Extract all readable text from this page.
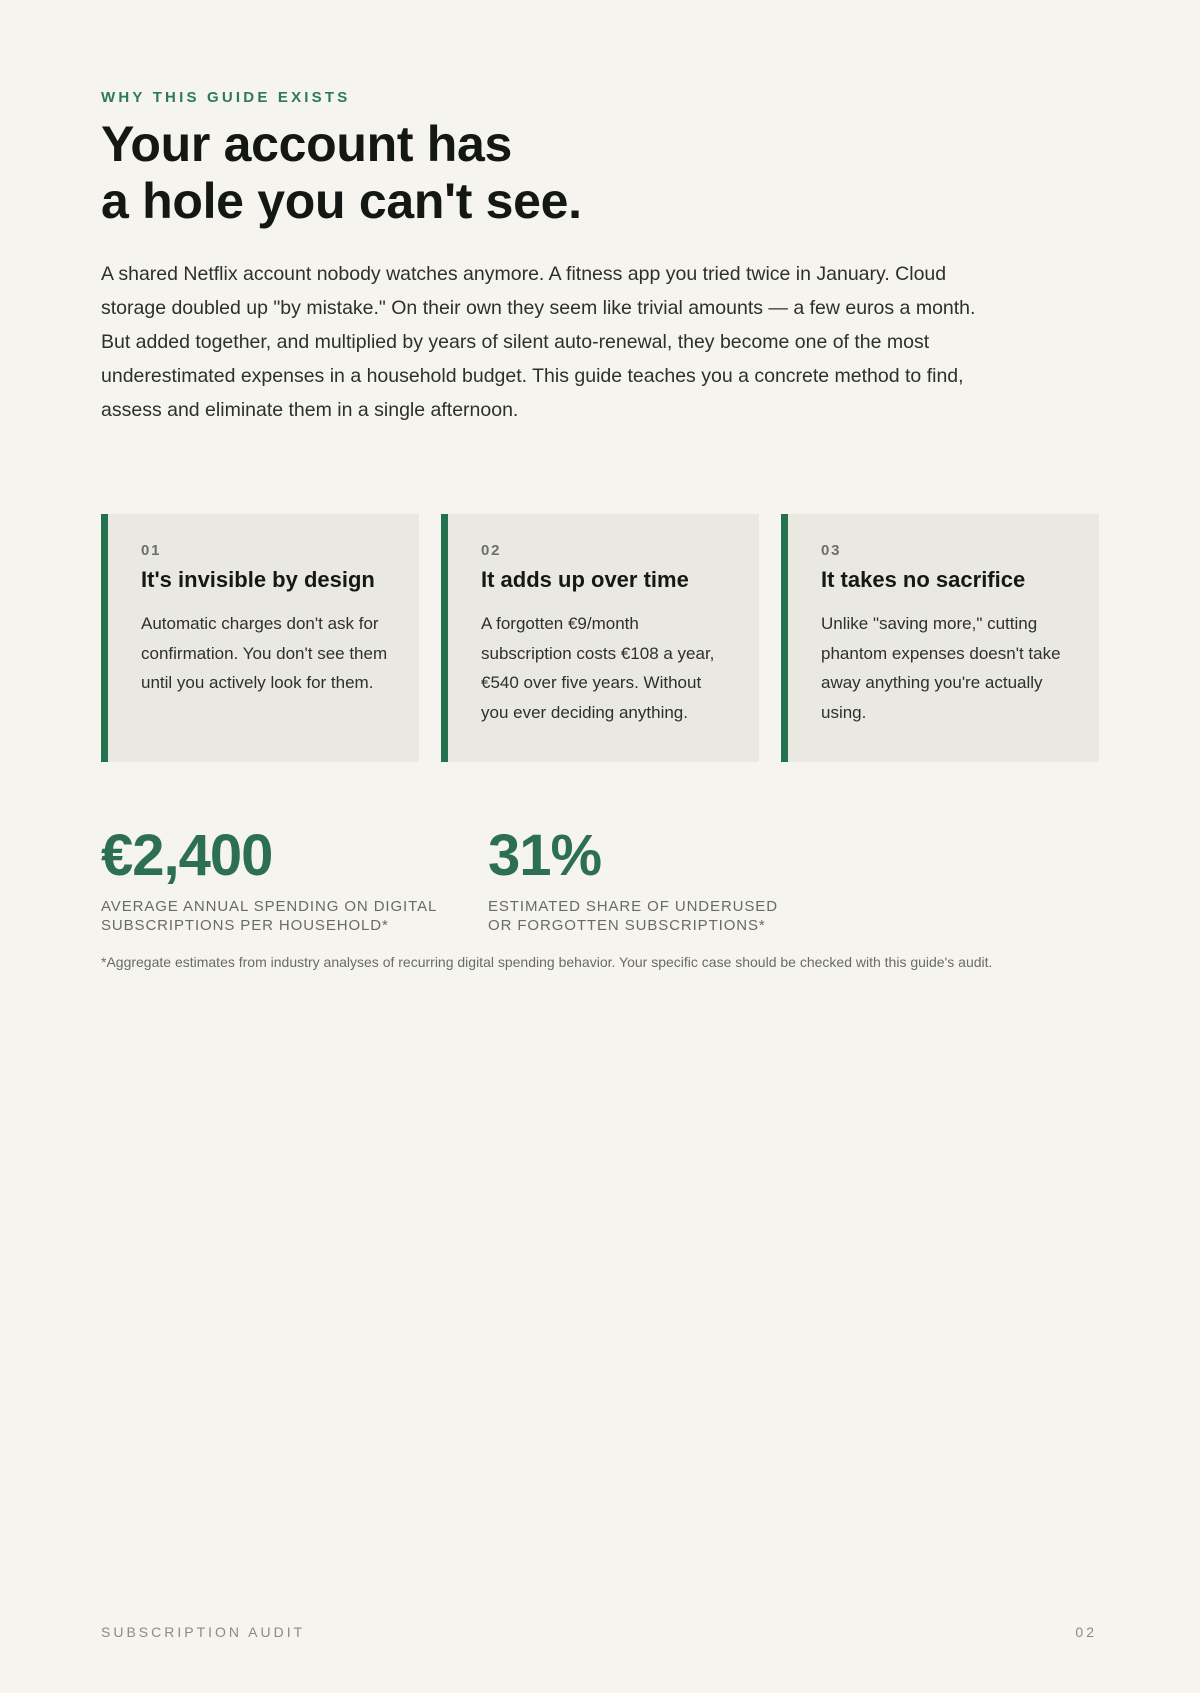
WHY THIS GUIDE EXISTS
Your account has
a hole you can't see.

A shared Netflix account nobody watches anymore. A fitness app you tried twice in January. Cloud storage doubled up "by mistake." On their own they seem like trivial amounts — a few euros a month. But added together, and multiplied by years of silent auto-renewal, they become one of the most underestimated expenses in a household budget. This guide teaches you a concrete method to find, assess and eliminate them in a single afternoon.

01
It's invisible by design

Automatic charges don't ask for confirmation. You don't see them until you actively look for them.

02
It adds up over time

A forgotten €9/month subscription costs €108 a year, €540 over five years. Without you ever deciding anything.

03
It takes no sacrifice

Unlike "saving more," cutting phantom expenses doesn't take away anything you're actually using.

€2,400
AVERAGE ANNUAL SPENDING ON DIGITAL
SUBSCRIPTIONS PER HOUSEHOLD*
31%
ESTIMATED SHARE OF UNDERUSED
OR FORGOTTEN SUBSCRIPTIONS*
*Aggregate estimates from industry analyses of recurring digital spending behavior. Your specific case should be checked with this guide's audit.
SUBSCRIPTION AUDIT	02
